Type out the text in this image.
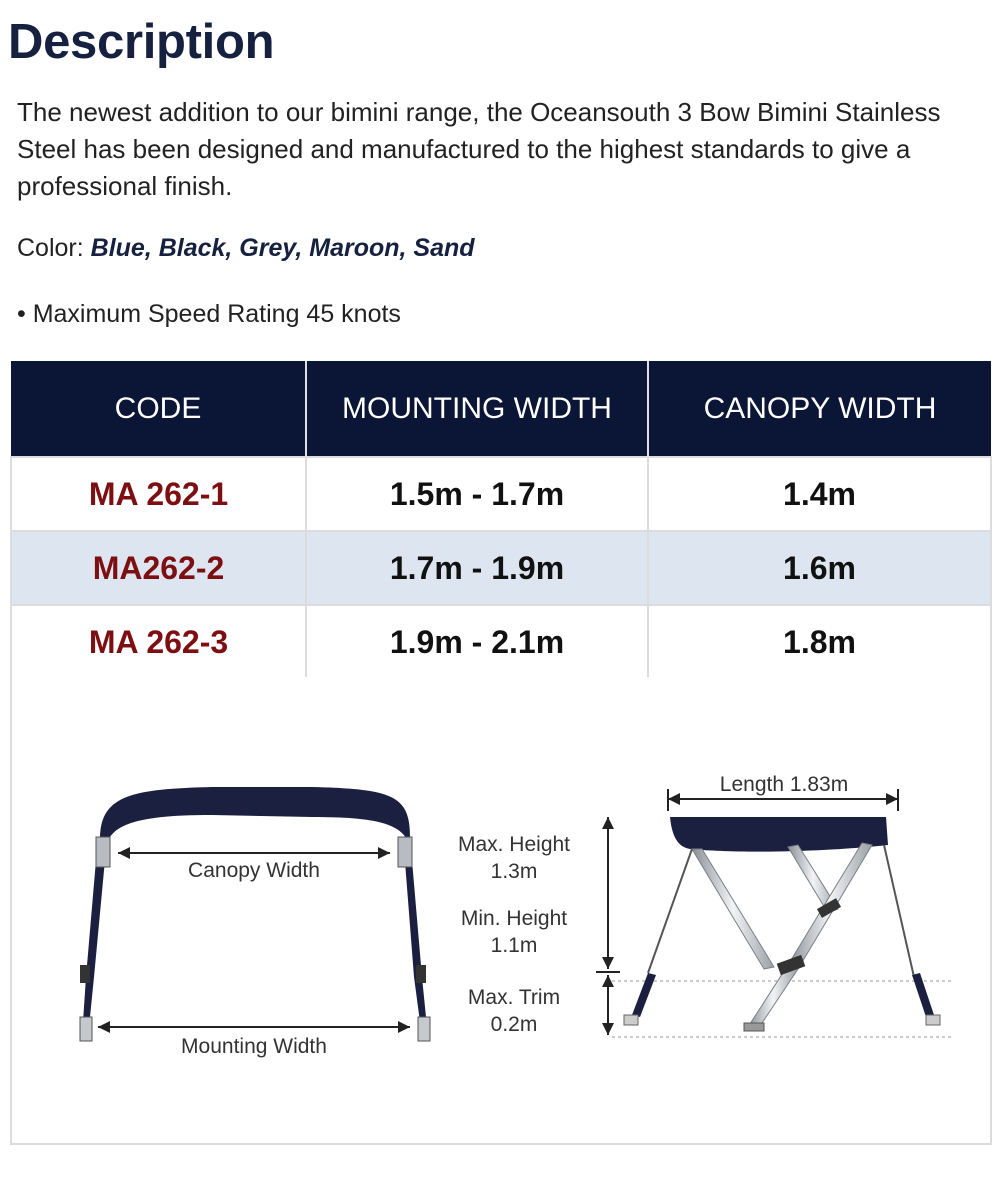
Description

The newest addition to our bimini range, the Oceansouth 3 Bow Bimini Stainless Steel has been designed and manufactured to the highest standards to give a professional finish.

Color: Blue, Black, Grey, Maroon, Sand

• Maximum Speed Rating 45 knots

CODE	MOUNTING WIDTH	CANOPY WIDTH
MA 262-1	1.5m - 1.7m	1.4m
MA262-2	1.7m - 1.9m	1.6m
MA 262-3	1.9m - 2.1m	1.8m
Canopy Width
Mounting Width
Max. Height
1.3m
Min. Height
1.1m
Max. Trim
0.2m
Length 1.83m
